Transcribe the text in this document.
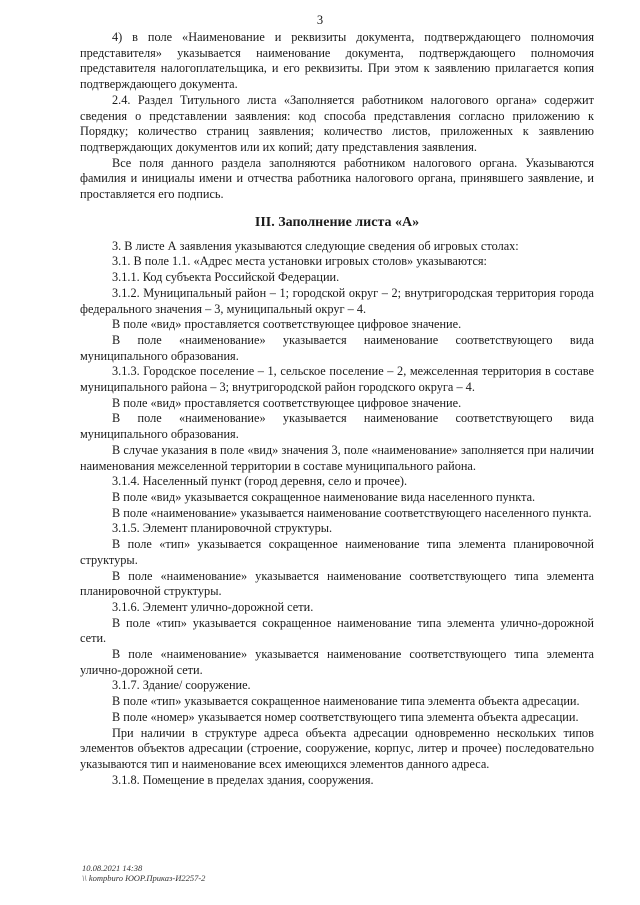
3

4) в поле «Наименование и реквизиты документа, подтверждающего полномочия представителя» указывается наименование документа, подтверждающего полномочия представителя налогоплательщика, и его реквизиты. При этом к заявлению прилагается копия подтверждающего документа.

2.4. Раздел Титульного листа «Заполняется работником налогового органа» содержит сведения о представлении заявления: код способа представления согласно приложению к Порядку; количество страниц заявления; количество листов, приложенных к заявлению подтверждающих документов или их копий; дату представления заявления.

Все поля данного раздела заполняются работником налогового органа. Указываются фамилия и инициалы имени и отчества работника налогового органа, принявшего заявление, и проставляется его подпись.

III. Заполнение листа «А»

3. В листе А заявления указываются следующие сведения об игровых столах:

3.1. В поле 1.1. «Адрес места установки игровых столов» указываются:

3.1.1. Код субъекта Российской Федерации.

3.1.2. Муниципальный район – 1; городской округ – 2; внутригородская территория города федерального значения – 3, муниципальный округ – 4.

В поле «вид» проставляется соответствующее цифровое значение.

В поле «наименование» указывается наименование соответствующего вида муниципального образования.

3.1.3. Городское поселение – 1, сельское поселение – 2, межселенная территория в составе муниципального района – 3; внутригородской район городского округа – 4.

В поле «вид» проставляется соответствующее цифровое значение.

В поле «наименование» указывается наименование соответствующего вида муниципального образования.

В случае указания в поле «вид» значения 3, поле «наименование» заполняется при наличии наименования межселенной территории в составе муниципального района.

3.1.4. Населенный пункт (город деревня, село и прочее).

В поле «вид» указывается сокращенное наименование вида населенного пункта.

В поле «наименование» указывается наименование соответствующего населенного пункта.

3.1.5. Элемент планировочной структуры.

В поле «тип» указывается сокращенное наименование типа элемента планировочной структуры.

В поле «наименование» указывается наименование соответствующего типа элемента планировочной структуры.

3.1.6. Элемент улично-дорожной сети.

В поле «тип» указывается сокращенное наименование типа элемента улично-дорожной сети.

В поле «наименование» указывается наименование соответствующего типа элемента улично-дорожной сети.

3.1.7. Здание/ сооружение.

В поле «тип» указывается сокращенное наименование типа элемента объекта адресации.

В поле «номер» указывается номер соответствующего типа элемента объекта адресации.

При наличии в структуре адреса объекта адресации одновременно нескольких типов элементов объектов адресации (строение, сооружение, корпус, литер и прочее) последовательно указываются тип и наименование всех имеющихся элементов данного адреса.

3.1.8. Помещение в пределах здания, сооружения.

10.08.2021 14:38
\\ kompburo ЮОР.Приказ-И2257-2
